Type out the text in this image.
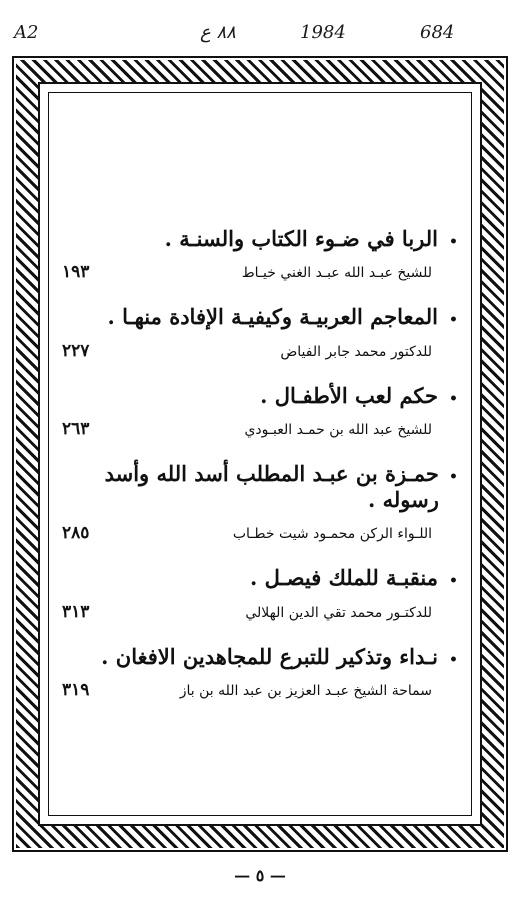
A2	٨٨ ع	1984	684
•
الربا في ضـوء الكتاب والسنـة .
للشيخ عبـد الله عبـد الغني خيـاط
١٩٣
•
المعاجم العربيـة وكيفيـة الإفادة منهـا .
للدكتور محمد جابر الفياض
٢٢٧
•
حكم لعب الأطفـال .
للشيخ عبد الله بن حمـد العبـودي
٢٦٣
•
حمـزة بن عبـد المطلب أسد الله وأسد رسوله .
اللـواء الركن محمـود شيت خطـاب
٢٨٥
•
منقبـة للملك فيصـل .
للدكتـور محمد تقي الدين الهلالي
٣١٣
•
نـداء وتذكير للتبرع للمجاهدين الافغان .
سماحة الشيخ عبـد العزيز بن عبد الله بن باز
٣١٩
— ٥ —
